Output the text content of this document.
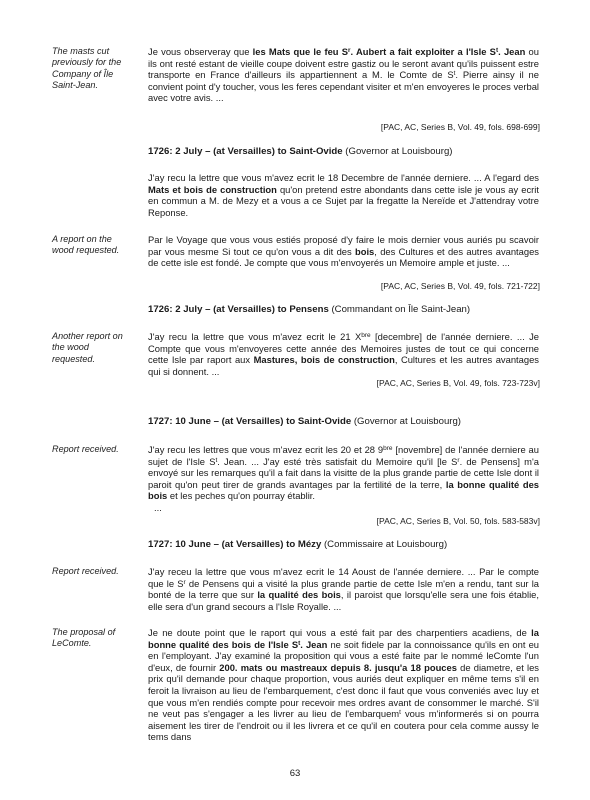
The masts cut previously for the Company of Île Saint-Jean.
A report on the wood requested.
Another report on the wood requested.
Report received.
Report received.
The proposal of LeComte.
Je vous observeray que les Mats que le feu $S^r$. Aubert a fait exploiter a l'Isle $S^t$. Jean ou ils ont resté estant de vieille coupe doivent estre gastiz ou le seront avant qu'ils puissent estre transporte en France d'ailleurs ils appartiennent a M. le Comte de $S^t$. Pierre ainsy il ne convient point d'y toucher, vous les feres cependant visiter et m'en envoyeres le proces verbal avec votre avis. ...
[PAC, AC, Series B, Vol. 49, fols. 698-699]
1726: 2 July – (at Versailles) to Saint-Ovide (Governor at Louisbourg)
J'ay recu la lettre que vous m'avez ecrit le 18 Decembre de l'année derniere. ... A l'egard des Mats et bois de construction qu'on pretend estre abondants dans cette isle je vous ay ecrit en commun a M. de Mezy et a vous a ce Sujet par la fregatte la Nereïde et J'attendray votre Reponse.
Par le Voyage que vous vous estiés proposé d'y faire le mois dernier vous auriés pu scavoir par vous mesme Si tout ce qu'on vous a dit des bois, des Cultures et des autres avantages de cette isle est fondé. Je compte que vous m'envoyerés un Memoire ample et juste. ...
[PAC, AC, Series B, Vol. 49, fols. 721-722]
1726: 2 July – (at Versailles) to Pensens (Commandant on Île Saint-Jean)
J'ay recu la lettre que vous m'avez ecrit le 21 $X^{bre}$ [decembre] de l'année derniere. ... Je Compte que vous m'envoyeres cette année des Memoires justes de tout ce qui concerne cette Isle par raport aux Mastures, bois de construction, Cultures et les autres avantages qui si donnent. ...
[PAC, AC, Series B, Vol. 49, fols. 723-723v]
1727: 10 June – (at Versailles) to Saint-Ovide (Governor at Louisbourg)
J'ay recu les lettres que vous m'avez ecrit les 20 et 28 $9^{bre}$ [novembre] de l'année derniere au sujet de l'Isle $S^t$. Jean. ... J'ay esté très satisfait du Memoire qu'il [le $S^r$. de Pensens] m'a envoyé sur les remarques qu'il a fait dans la visitte de la plus grande partie de cette Isle dont il paroit qu'on peut tirer de grands avantages par la fertilité de la terre, la bonne qualité des bois et les peches qu'on pourray établir.
...
[PAC, AC, Series B, Vol. 50, fols. 583-583v]
1727: 10 June – (at Versailles) to Mézy (Commissaire at Louisbourg)
J'ay receu la lettre que vous m'avez ecrit le 14 Aoust de l'année derniere. ... Par le compte que le $S^r$ de Pensens qui a visité la plus grande partie de cette Isle m'en a rendu, tant sur la bonté de la terre que sur la qualité des bois, il paroist que lorsqu'elle sera une fois établie, elle sera d'un grand secours a l'Isle Royalle. ...
Je ne doute point que le raport qui vous a esté fait par des charpentiers acadiens, de la bonne qualité des bois de l'Isle $S^t$. Jean ne soit fidele par la connoissance qu'ils en ont eu en l'employant. J'ay examiné la proposition qui vous a esté faite par le nommé leComte l'un d'eux, de fournir 200. mats ou mastreaux depuis 8. jusqu'a 18 pouces de diametre, et les prix qu'il demande pour chaque proportion, vous auriés deut expliquer en même tems s'il en feroit la livraison au lieu de l'embarquement, c'est donc il faut que vous conveniés avec luy et que vous m'en rendiés compte pour recevoir mes ordres avant de consommer le marché. S'il ne veut pas s'engager a les livrer au lieu de l'embarquem$^t$ vous m'informerés si on pourra aisement les tirer de l'endroit ou il les livrera et ce qu'il en coutera pour cela comme aussy le tems dans
63
